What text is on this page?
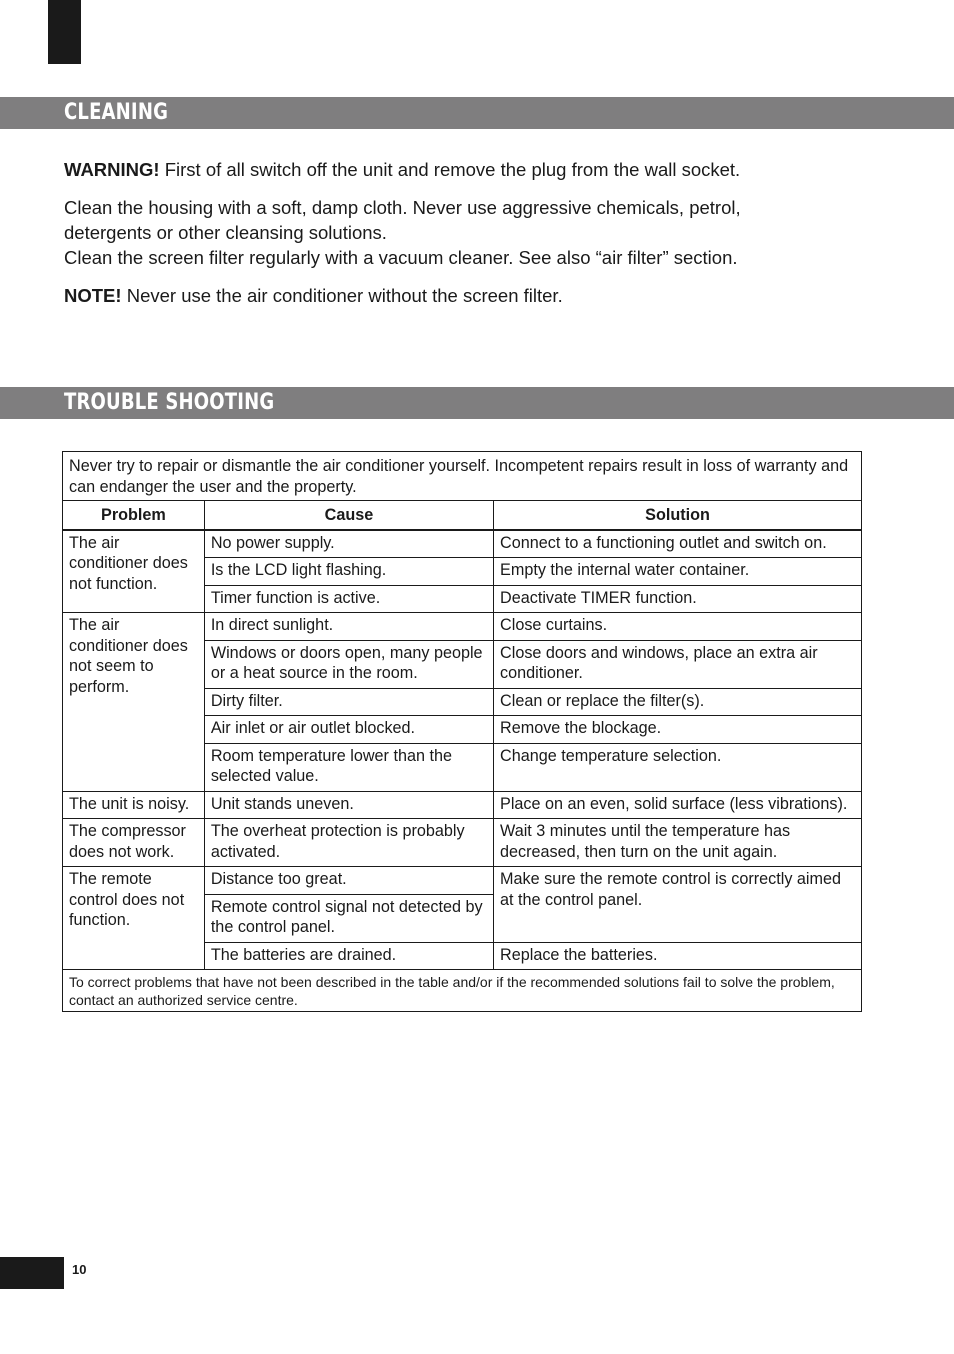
CLEANING

WARNING! First of all switch off the unit and remove the plug from the wall socket.

Clean the housing with a soft, damp cloth. Never use aggressive chemicals, petrol,

detergents or other cleansing solutions.

Clean the screen filter regularly with a vacuum cleaner. See also “air filter” section.

NOTE! Never use the air conditioner without the screen filter.

TROUBLE SHOOTING
Never try to repair or dismantle the air conditioner yourself. Incompetent repairs result in loss of warranty and can endanger the user and the property.		
Problem	Cause	Solution
The air conditioner does not function.	No power supply.	Connect to a functioning outlet and switch on.
	Is the LCD light flashing.	Empty the internal water container.
	Timer function is active.	Deactivate TIMER function.
The air conditioner does not seem to perform.	In direct sunlight.	Close curtains.
	Windows or doors open, many people or a heat source in the room.	Close doors and windows, place an extra air conditioner.
	Dirty filter.	Clean or replace the filter(s).
	Air inlet or air outlet blocked.	Remove the blockage.
	Room temperature lower than the selected value.	Change temperature selection.
The unit is noisy.	Unit stands uneven.	Place on an even, solid surface (less vibrations).
The compressor does not work.	The overheat protection is probably activated.	Wait 3 minutes until the temperature has decreased, then turn on the unit again.
The remote control does not function.	Distance too great.	Make sure the remote control is correctly aimed at the control panel.
	Remote control signal not detected by the control panel.	
	The batteries are drained.	Replace the batteries.
To correct problems that have not been described in the table and/or if the recommended solutions fail to solve the problem, contact an authorized service centre.		
10
